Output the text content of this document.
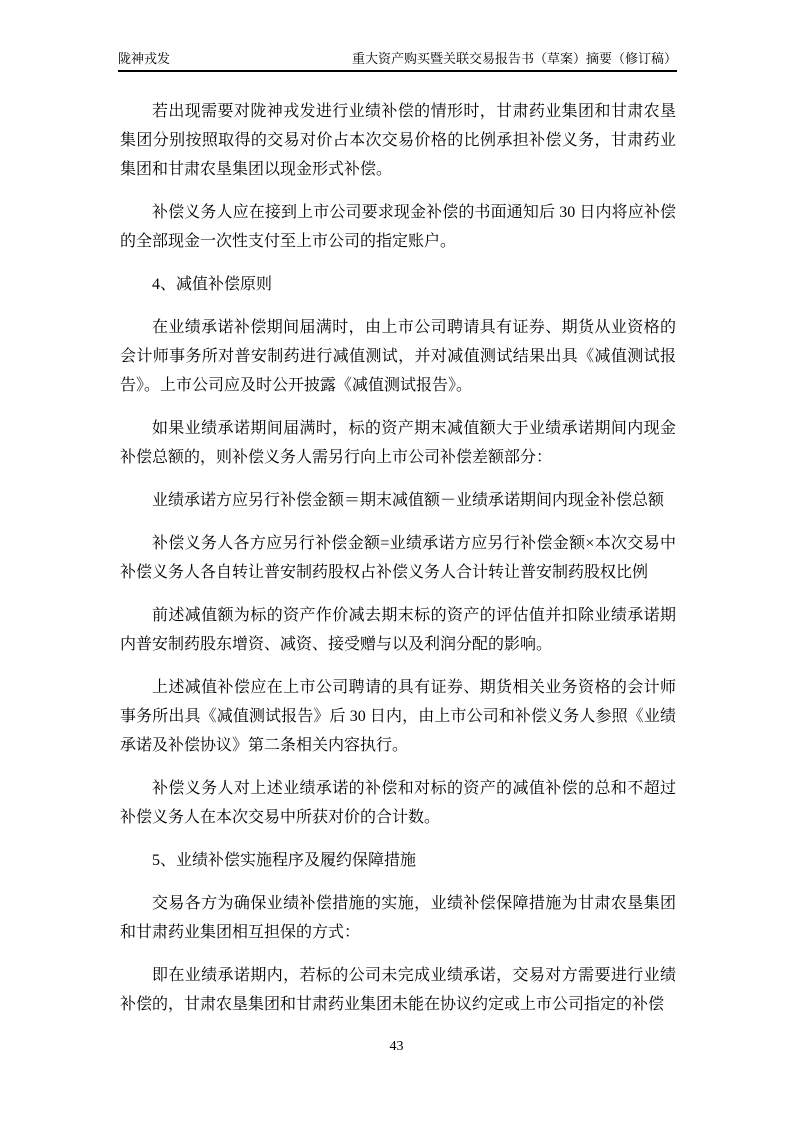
陇神戎发	重大资产购买暨关联交易报告书（草案）摘要（修订稿）

若出现需要对陇神戎发进行业绩补偿的情形时，甘肃药业集团和甘肃农垦集团分别按照取得的交易对价占本次交易价格的比例承担补偿义务，甘肃药业集团和甘肃农垦集团以现金形式补偿。

补偿义务人应在接到上市公司要求现金补偿的书面通知后 30 日内将应补偿的全部现金一次性支付至上市公司的指定账户。

4、减值补偿原则

在业绩承诺补偿期间届满时，由上市公司聘请具有证券、期货从业资格的会计师事务所对普安制药进行减值测试，并对减值测试结果出具《减值测试报告》。上市公司应及时公开披露《减值测试报告》。

如果业绩承诺期间届满时，标的资产期末减值额大于业绩承诺期间内现金补偿总额的，则补偿义务人需另行向上市公司补偿差额部分：

业绩承诺方应另行补偿金额＝期末减值额－业绩承诺期间内现金补偿总额

补偿义务人各方应另行补偿金额=业绩承诺方应另行补偿金额×本次交易中补偿义务人各自转让普安制药股权占补偿义务人合计转让普安制药股权比例

前述减值额为标的资产作价减去期末标的资产的评估值并扣除业绩承诺期内普安制药股东增资、减资、接受赠与以及利润分配的影响。

上述减值补偿应在上市公司聘请的具有证券、期货相关业务资格的会计师事务所出具《减值测试报告》后 30 日内，由上市公司和补偿义务人参照《业绩承诺及补偿协议》第二条相关内容执行。

补偿义务人对上述业绩承诺的补偿和对标的资产的减值补偿的总和不超过补偿义务人在本次交易中所获对价的合计数。

5、业绩补偿实施程序及履约保障措施

交易各方为确保业绩补偿措施的实施，业绩补偿保障措施为甘肃农垦集团和甘肃药业集团相互担保的方式：

即在业绩承诺期内，若标的公司未完成业绩承诺，交易对方需要进行业绩补偿的，甘肃农垦集团和甘肃药业集团未能在协议约定或上市公司指定的补偿

43
